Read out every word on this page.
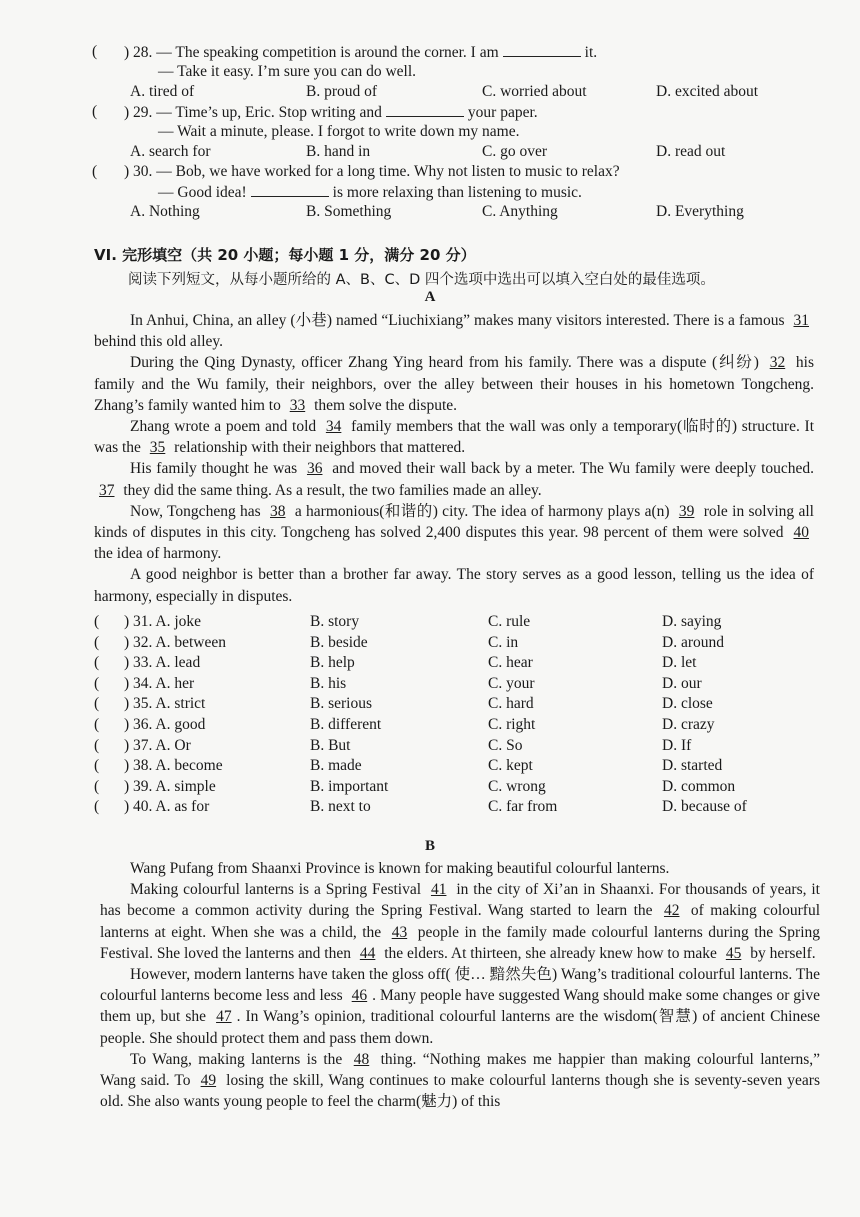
( ) 28. — The speaking competition is around the corner. I am	it.
— Take it easy. I’m sure you can do well.
A. tired of	B. proud of	C. worried about	D. excited about
( ) 29. — Time’s up, Eric. Stop writing and	your paper.
— Wait a minute, please. I forgot to write down my name.
A. search for	B. hand in	C. go over	D. read out
( ) 30. — Bob, we have worked for a long time. Why not listen to music to relax?
— Good idea!	is more relaxing than listening to music.
A. Nothing	B. Something	C. Anything	D. Everything
VI. 完形填空（共 20 小题；每小题 1 分，满分 20 分）
阅读下列短文，从每小题所给的 A、B、C、D 四个选项中选出可以填入空白处的最佳选项。
A

In Anhui, China, an alley (小巷) named “Liuchixiang” makes many visitors interested. There is a famous 31 behind this old alley.

During the Qing Dynasty, officer Zhang Ying heard from his family. There was a dispute (纠纷) 32 his family and the Wu family, their neighbors, over the alley between their houses in his hometown Tongcheng. Zhang’s family wanted him to 33 them solve the dispute.

Zhang wrote a poem and told 34 family members that the wall was only a temporary(临时的) structure. It was the 35 relationship with their neighbors that mattered.

His family thought he was 36 and moved their wall back by a meter. The Wu family were deeply touched. 37 they did the same thing. As a result, the two families made an alley.

Now, Tongcheng has 38 a harmonious(和谐的) city. The idea of harmony plays a(n) 39 role in solving all kinds of disputes in this city. Tongcheng has solved 2,400 disputes this year. 98 percent of them were solved 40 the idea of harmony.

A good neighbor is better than a brother far away. The story serves as a good lesson, telling us the idea of harmony, especially in disputes.

( ) 31. A. joke	B. story	C. rule	D. saying
( ) 32. A. between	B. beside	C. in	D. around
( ) 33. A. lead	B. help	C. hear	D. let
( ) 34. A. her	B. his	C. your	D. our
( ) 35. A. strict	B. serious	C. hard	D. close
( ) 36. A. good	B. different	C. right	D. crazy
( ) 37. A. Or	B. But	C. So	D. If
( ) 38. A. become	B. made	C. kept	D. started
( ) 39. A. simple	B. important	C. wrong	D. common
( ) 40. A. as for	B. next to	C. far from	D. because of
B

Wang Pufang from Shaanxi Province is known for making beautiful colourful lanterns.

Making colourful lanterns is a Spring Festival 41 in the city of Xi’an in Shaanxi. For thousands of years, it has become a common activity during the Spring Festival. Wang started to learn the 42 of making colourful lanterns at eight. When she was a child, the 43 people in the family made colourful lanterns during the Spring Festival. She loved the lanterns and then 44 the elders. At thirteen, she already knew how to make 45 by herself.

However, modern lanterns have taken the gloss off( 使… 黯然失色) Wang’s traditional colourful lanterns. The colourful lanterns become less and less 46 . Many people have suggested Wang should make some changes or give them up, but she 47 . In Wang’s opinion, traditional colourful lanterns are the wisdom(智慧) of ancient Chinese people. She should protect them and pass them down.

To Wang, making lanterns is the 48 thing. “Nothing makes me happier than making colourful lanterns,” Wang said. To 49 losing the skill, Wang continues to make colourful lanterns though she is seventy-seven years old. She also wants young people to feel the charm(魅力) of this
